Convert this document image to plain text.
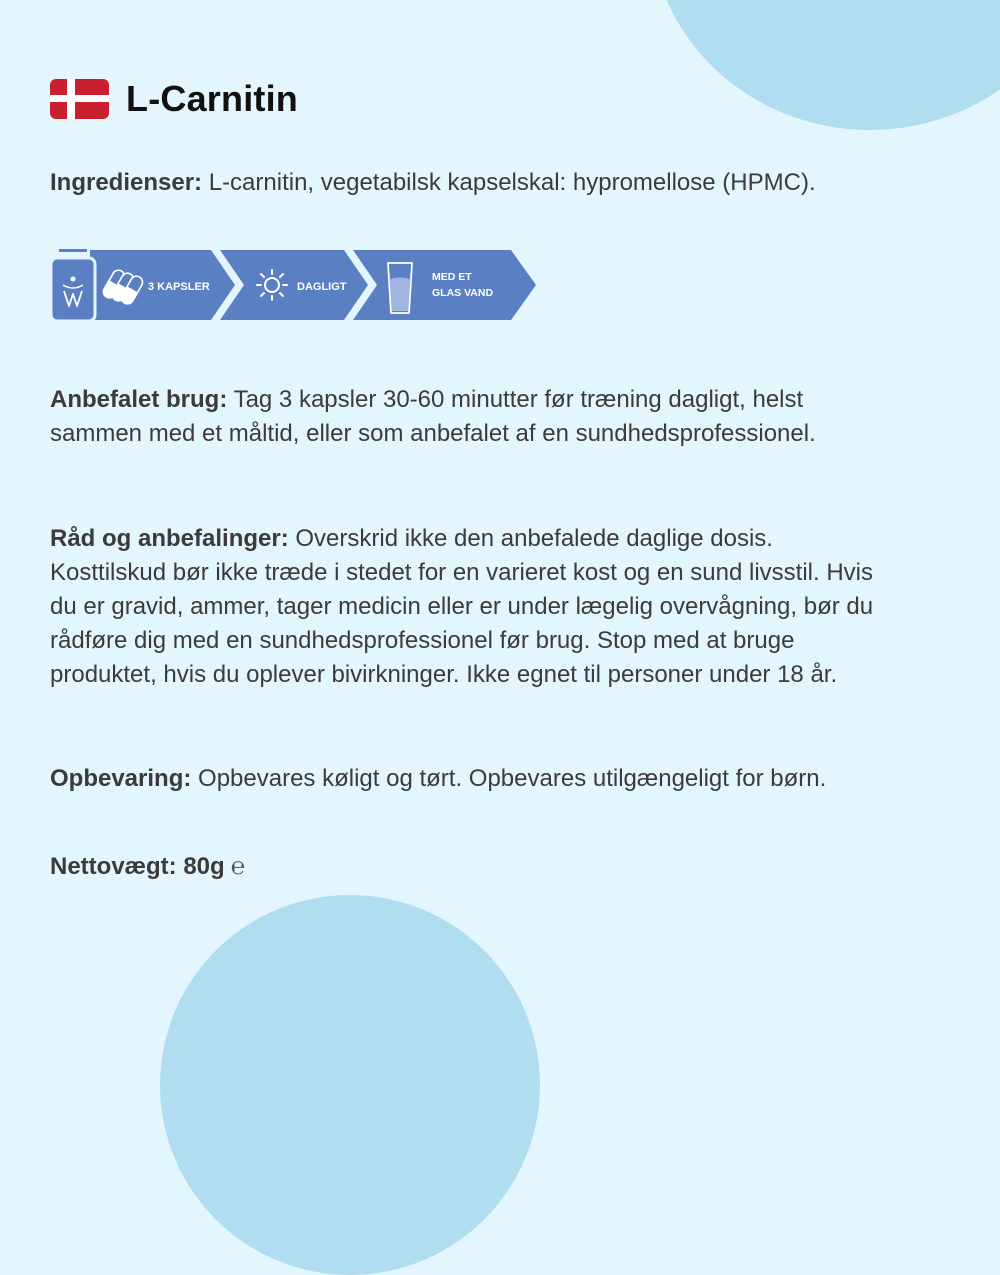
L-Carnitin
Ingredienser: L-carnitin, vegetabilsk kapselskal: hypromellose (HPMC).
3 KAPSLER	DAGLIGT
MED ET
GLAS VAND
Anbefalet brug: Tag 3 kapsler 30-60 minutter før træning dagligt, helst sammen med et måltid, eller som anbefalet af en sundhedsprofessionel.
Råd og anbefalinger: Overskrid ikke den anbefalede daglige dosis. Kosttilskud bør ikke træde i stedet for en varieret kost og en sund livsstil. Hvis du er gravid, ammer, tager medicin eller er under lægelig overvågning, bør du rådføre dig med en sundhedsprofessionel før brug. Stop med at bruge produktet, hvis du oplever bivirkninger. Ikke egnet til personer under 18 år.
Opbevaring: Opbevares køligt og tørt. Opbevares utilgængeligt for børn.
Nettovægt: 80g ℮
